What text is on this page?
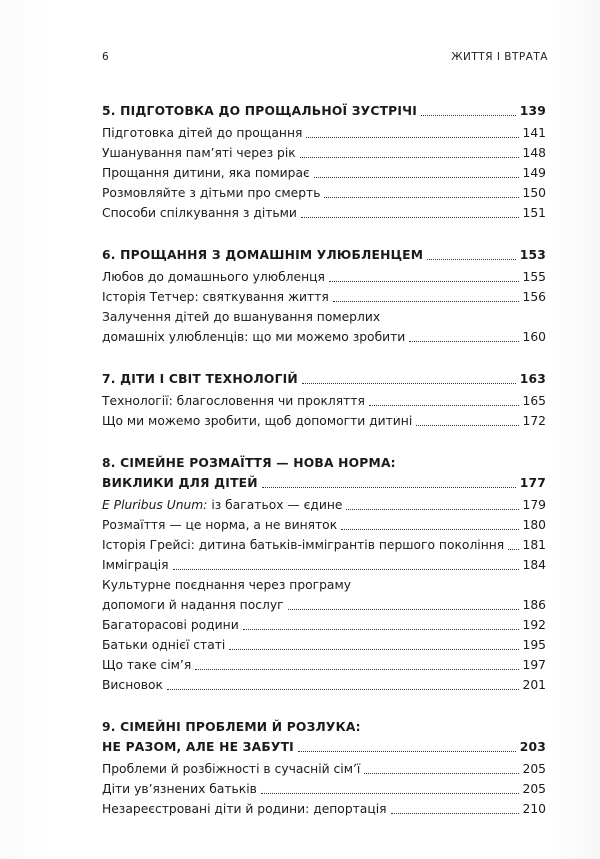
6	ЖИТТЯ І ВТРАТА
5. ПІДГОТОВКА ДО ПРОЩАЛЬНОЇ ЗУСТРІЧІ	139
Підготовка дітей до прощання	141
Ушанування пам’яті через рік	148
Прощання дитини, яка помирає	149
Розмовляйте з дітьми про смерть	150
Способи спілкування з дітьми	151
6. ПРОЩАННЯ З ДОМАШНІМ УЛЮБЛЕНЦЕМ	153
Любов до домашнього улюбленця	155
Історія Тетчер: святкування життя	156
Залучення дітей до вшанування померлих
домашніх улюбленців: що ми можемо зробити	160
7. ДІТИ І СВІТ ТЕХНОЛОГІЙ	163
Технології: благословення чи прокляття	165
Що ми можемо зробити, щоб допомогти дитині	172
8. СІМЕЙНЕ РОЗМАЇТТЯ — НОВА НОРМА:
ВИКЛИКИ ДЛЯ ДІТЕЙ	177
E Pluribus Unum: із багатьох — єдине	179
Розмаїття — це норма, а не виняток	180
Історія Грейсі: дитина батьків-іммігрантів першого покоління 181
Імміграція	184
Культурне поєднання через програму
допомоги й надання послуг	186
Багаторасові родини	192
Батьки однієї статі	195
Що таке сім’я	197
Висновок	201
9. СІМЕЙНІ ПРОБЛЕМИ Й РОЗЛУКА:
НЕ РАЗОМ, АЛЕ НЕ ЗАБУТІ	203
Проблеми й розбіжності в сучасній сім’ї	205
Діти ув’язнених батьків	205
Незареєстровані діти й родини: депортація	210
